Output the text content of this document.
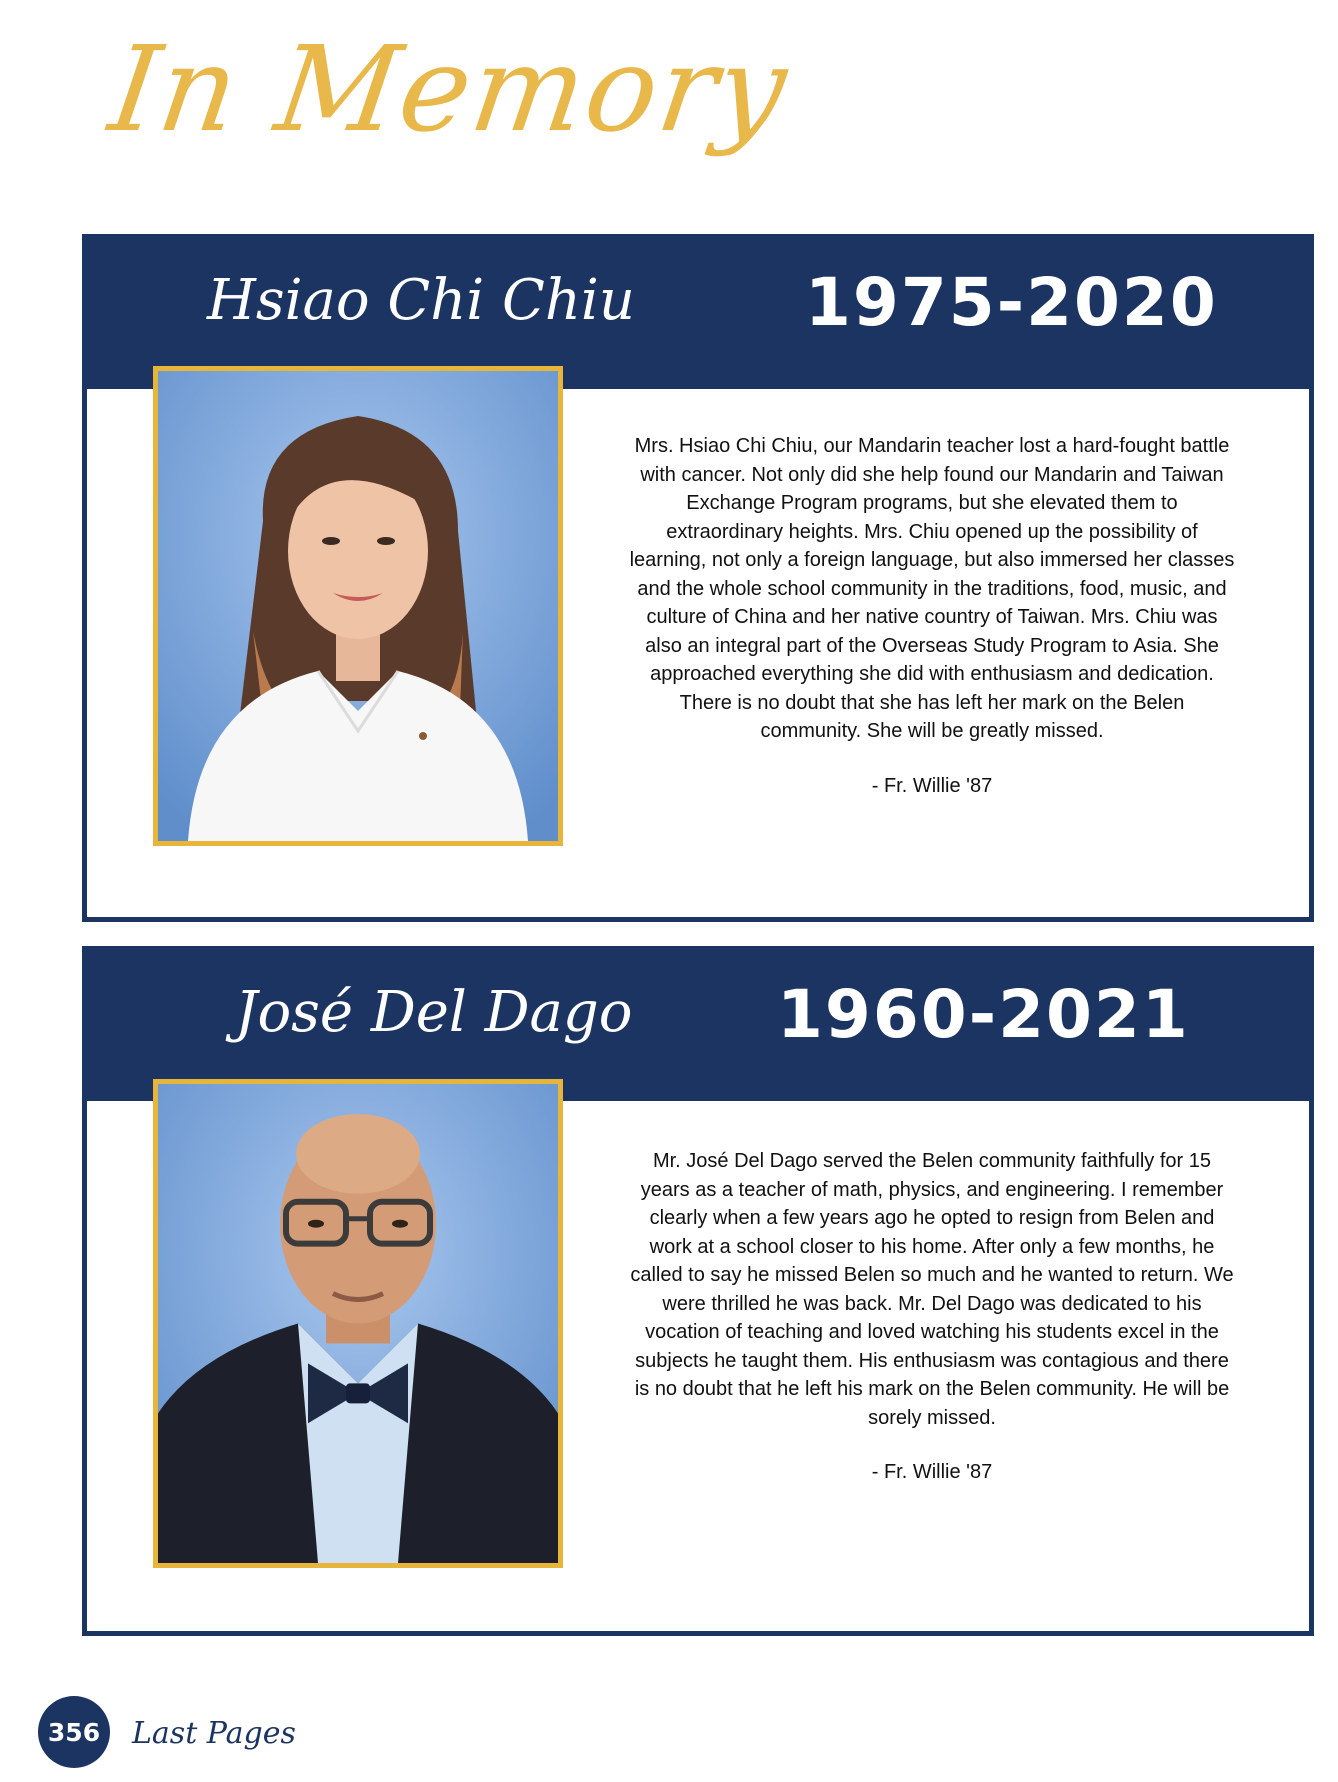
In Memory
Hsiao Chi Chiu	1975-2020
Mrs. Hsiao Chi Chiu, our Mandarin teacher lost a hard-fought battle with cancer. Not only did she help found our Mandarin and Taiwan Exchange Program programs, but she elevated them to extraordinary heights. Mrs. Chiu opened up the possibility of learning, not only a foreign language, but also immersed her classes and the whole school community in the traditions, food, music, and culture of China and her native country of Taiwan. Mrs. Chiu was also an integral part of the Overseas Study Program to Asia. She approached everything she did with enthusiasm and dedication. There is no doubt that she has left her mark on the Belen community. She will be greatly missed.
- Fr. Willie '87
José Del Dago 1960-2021
Mr. José Del Dago served the Belen community faithfully for 15 years as a teacher of math, physics, and engineering. I remember clearly when a few years ago he opted to resign from Belen and work at a school closer to his home. After only a few months, he called to say he missed Belen so much and he wanted to return. We were thrilled he was back. Mr. Del Dago was dedicated to his vocation of teaching and loved watching his students excel in the subjects he taught them. His enthusiasm was contagious and there is no doubt that he left his mark on the Belen community. He will be sorely missed.
- Fr. Willie '87
356	Last Pages
